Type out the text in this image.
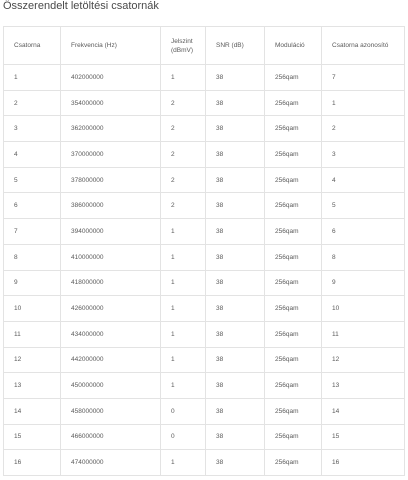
Összerendelt letöltési csatornák
Csatorna	Frekvencia (Hz)	Jelszint (dBmV)	SNR (dB)	Moduláció	Csatorna azonosító
1	402000000	1	38	256qam	7
2	354000000	2	38	256qam	1
3	362000000	2	38	256qam	2
4	370000000	2	38	256qam	3
5	378000000	2	38	256qam	4
6	386000000	2	38	256qam	5
7	394000000	1	38	256qam	6
8	410000000	1	38	256qam	8
9	418000000	1	38	256qam	9
10	426000000	1	38	256qam	10
11	434000000	1	38	256qam	11
12	442000000	1	38	256qam	12
13	450000000	1	38	256qam	13
14	458000000	0	38	256qam	14
15	466000000	0	38	256qam	15
16	474000000	1	38	256qam	16
